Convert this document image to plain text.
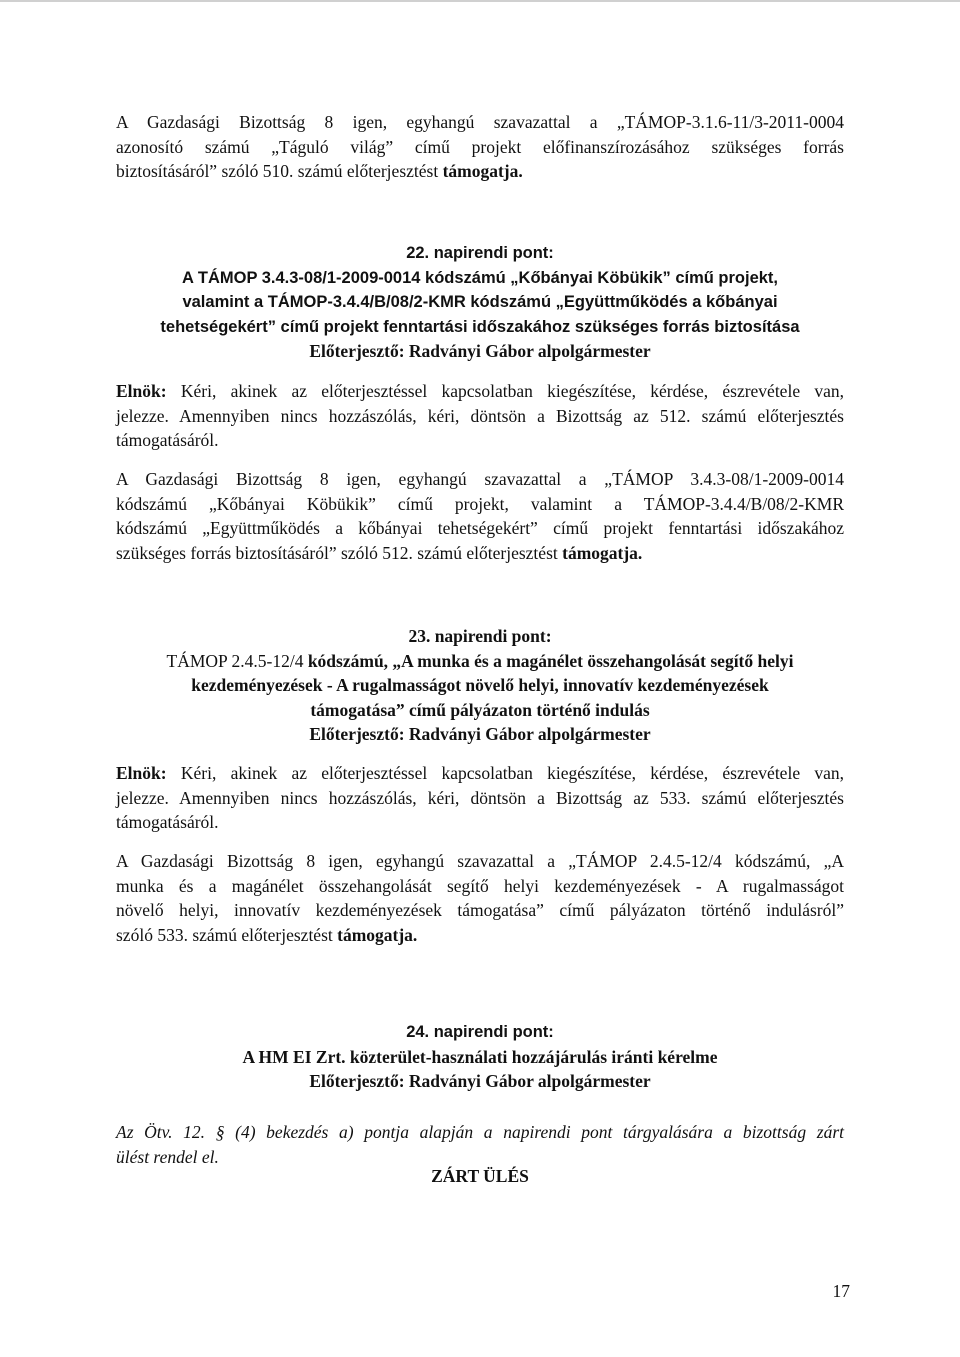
A Gazdasági Bizottság 8 igen, egyhangú szavazattal a „TÁMOP-3.1.6-11/3-2011-0004
azonosító számú „Táguló világ” című projekt előfinanszírozásához szükséges forrás
biztosításáról” szóló 510. számú előterjesztést támogatja.
22. napirendi pont:
A TÁMOP 3.4.3-08/1-2009-0014 kódszámú „Kőbányai Köbükik” című projekt,
valamint a TÁMOP-3.4.4/B/08/2-KMR kódszámú „Együttműködés a kőbányai
tehetségekért” című projekt fenntartási időszakához szükséges forrás biztosítása
Előterjesztő: Radványi Gábor alpolgármester
Elnök: Kéri, akinek az előterjesztéssel kapcsolatban kiegészítése, kérdése, észrevétele van,
jelezze. Amennyiben nincs hozzászólás, kéri, döntsön a Bizottság az 512. számú előterjesztés
támogatásáról.
A Gazdasági Bizottság 8 igen, egyhangú szavazattal a „TÁMOP 3.4.3-08/1-2009-0014
kódszámú „Kőbányai Köbükik” című projekt, valamint a TÁMOP-3.4.4/B/08/2-KMR
kódszámú „Együttműködés a kőbányai tehetségekért” című projekt fenntartási időszakához
szükséges forrás biztosításáról” szóló 512. számú előterjesztést támogatja.
23. napirendi pont:
TÁMOP 2.4.5-12/4 kódszámú, „A munka és a magánélet összehangolását segítő helyi
kezdeményezések - A rugalmasságot növelő helyi, innovatív kezdeményezések
támogatása” című pályázaton történő indulás
Előterjesztő: Radványi Gábor alpolgármester
Elnök: Kéri, akinek az előterjesztéssel kapcsolatban kiegészítése, kérdése, észrevétele van,
jelezze. Amennyiben nincs hozzászólás, kéri, döntsön a Bizottság az 533. számú előterjesztés
támogatásáról.
A Gazdasági Bizottság 8 igen, egyhangú szavazattal a „TÁMOP 2.4.5-12/4 kódszámú, „A
munka és a magánélet összehangolását segítő helyi kezdeményezések - A rugalmasságot
növelő helyi, innovatív kezdeményezések támogatása” című pályázaton történő indulásról”
szóló 533. számú előterjesztést támogatja.
24. napirendi pont:
A HM EI Zrt. közterület-használati hozzájárulás iránti kérelme
Előterjesztő: Radványi Gábor alpolgármester
Az Ötv. 12. § (4) bekezdés a) pontja alapján a napirendi pont tárgyalására a bizottság zárt
ülést rendel el.
ZÁRT ÜLÉS
17
